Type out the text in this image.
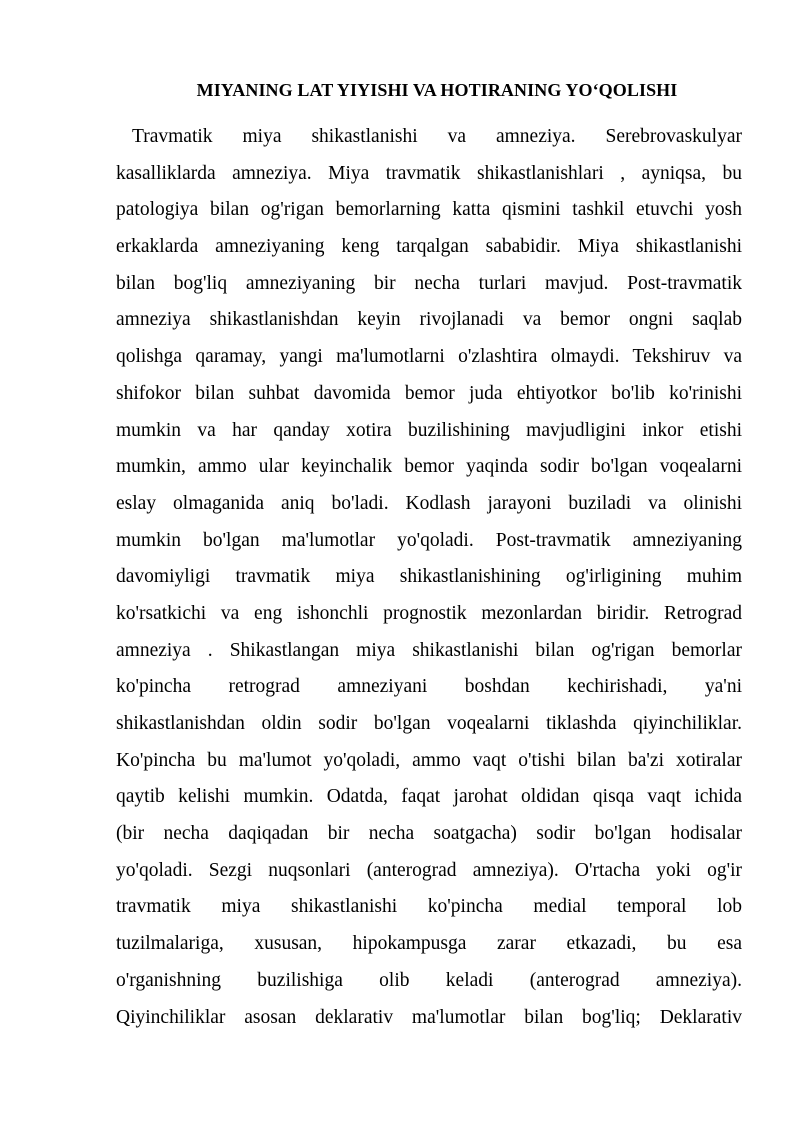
MIYANING LAT YIYISHI VA HOTIRANING YO‘QOLISHI
Travmatik miya shikastlanishi va amneziya. Serebrovaskulyar
kasalliklarda amneziya. Miya travmatik shikastlanishlari , ayniqsa, bu
patologiya bilan og'rigan bemorlarning katta qismini tashkil etuvchi yosh
erkaklarda amneziyaning keng tarqalgan sababidir. Miya shikastlanishi
bilan bog'liq amneziyaning bir necha turlari mavjud. Post-travmatik
amneziya shikastlanishdan keyin rivojlanadi va bemor ongni saqlab
qolishga qaramay, yangi ma'lumotlarni o'zlashtira olmaydi. Tekshiruv va
shifokor bilan suhbat davomida bemor juda ehtiyotkor bo'lib ko'rinishi
mumkin va har qanday xotira buzilishining mavjudligini inkor etishi
mumkin, ammo ular keyinchalik bemor yaqinda sodir bo'lgan voqealarni
eslay olmaganida aniq bo'ladi. Kodlash jarayoni buziladi va olinishi
mumkin bo'lgan ma'lumotlar yo'qoladi. Post-travmatik amneziyaning
davomiyligi travmatik miya shikastlanishining og'irligining muhim
ko'rsatkichi va eng ishonchli prognostik mezonlardan biridir. Retrograd
amneziya . Shikastlangan miya shikastlanishi bilan og'rigan bemorlar
ko'pincha retrograd amneziyani boshdan kechirishadi, ya'ni
shikastlanishdan oldin sodir bo'lgan voqealarni tiklashda qiyinchiliklar.
Ko'pincha bu ma'lumot yo'qoladi, ammo vaqt o'tishi bilan ba'zi xotiralar
qaytib kelishi mumkin. Odatda, faqat jarohat oldidan qisqa vaqt ichida
(bir necha daqiqadan bir necha soatgacha) sodir bo'lgan hodisalar
yo'qoladi. Sezgi nuqsonlari (anterograd amneziya). O'rtacha yoki og'ir
travmatik miya shikastlanishi ko'pincha medial temporal lob
tuzilmalariga, xususan, hipokampusga zarar etkazadi, bu esa
o'rganishning buzilishiga olib keladi (anterograd amneziya).
Qiyinchiliklar asosan deklarativ ma'lumotlar bilan bog'liq; Deklarativ
